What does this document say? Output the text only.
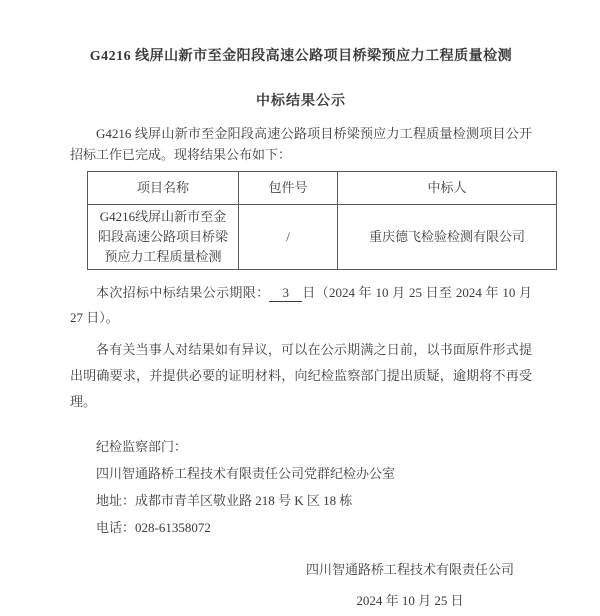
G4216 线屏山新市至金阳段高速公路项目桥梁预应力工程质量检测
中标结果公示

G4216 线屏山新市至金阳段高速公路项目桥梁预应力工程质量检测项目公开招标工作已完成。现将结果公布如下：

项目名称	包件号	中标人
G4216线屏山新市至金阳段高速公路项目桥梁预应力工程质量检测	/	重庆德飞检验检测有限公司

本次招标中标结果公示期限： 3 日（2024 年 10 月 25 日至 2024 年 10 月 27 日）。

各有关当事人对结果如有异议，可以在公示期满之日前，以书面原件形式提出明确要求，并提供必要的证明材料，向纪检监察部门提出质疑，逾期将不再受理。

纪检监察部门：

四川智通路桥工程技术有限责任公司党群纪检办公室

地址：成都市青羊区敬业路 218 号 K 区 18 栋

电话：028-61358072

四川智通路桥工程技术有限责任公司

2024 年 10 月 25 日
